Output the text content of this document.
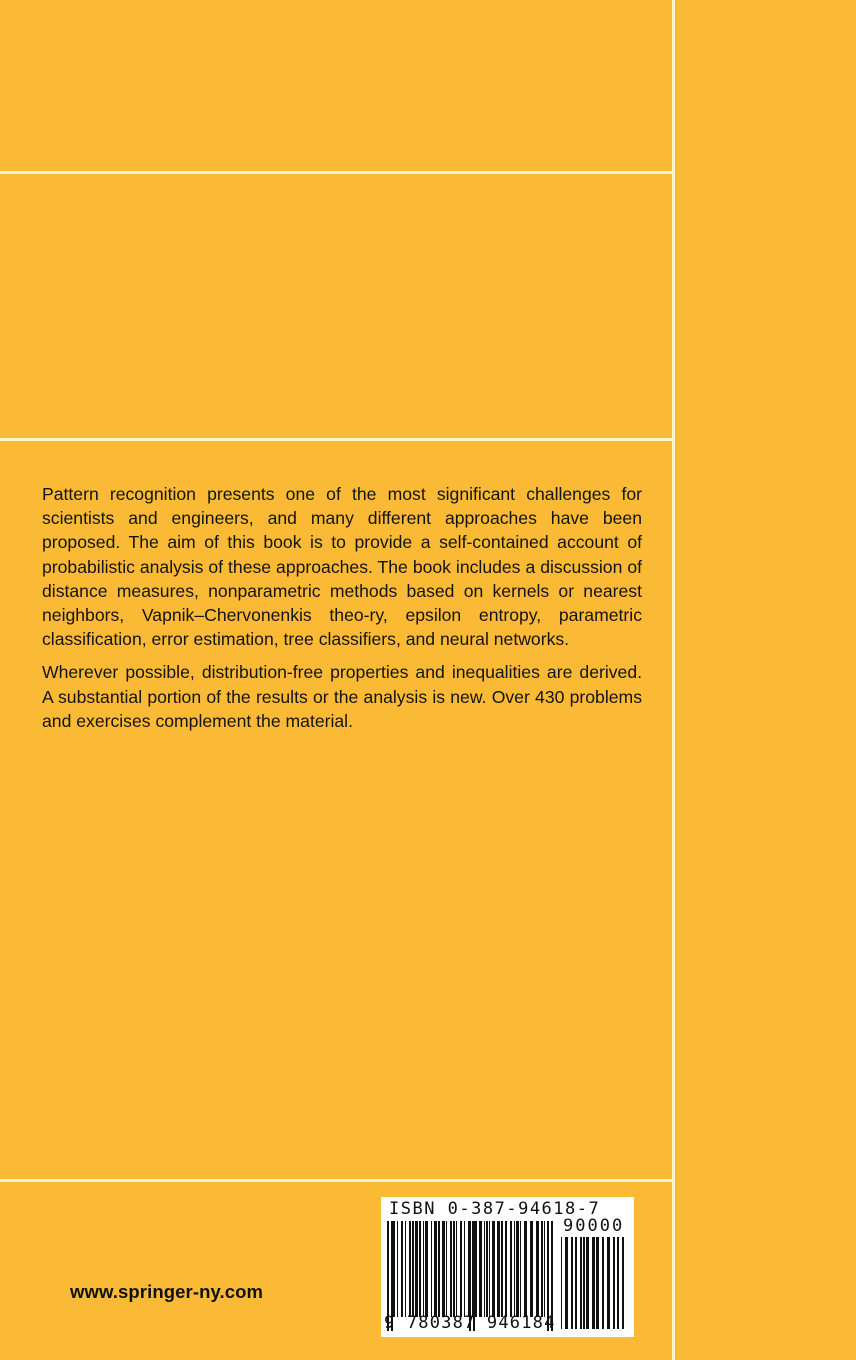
Pattern recognition presents one of the most significant challenges for scientists and engineers, and many different approaches have been proposed. The aim of this book is to provide a self-contained account of probabilistic analysis of these approaches. The book includes a discussion of distance measures, nonparametric methods based on kernels or nearest neighbors, Vapnik–Chervonenkis theo-ry, epsilon entropy, parametric classification, error estimation, tree classifiers, and neural networks.

Wherever possible, distribution-free properties and inequalities are derived. A substantial portion of the results or the analysis is new. Over 430 problems and exercises complement the material.

www.springer-ny.com
ISBN 0-387-94618-7
90000
9 780387 946184
